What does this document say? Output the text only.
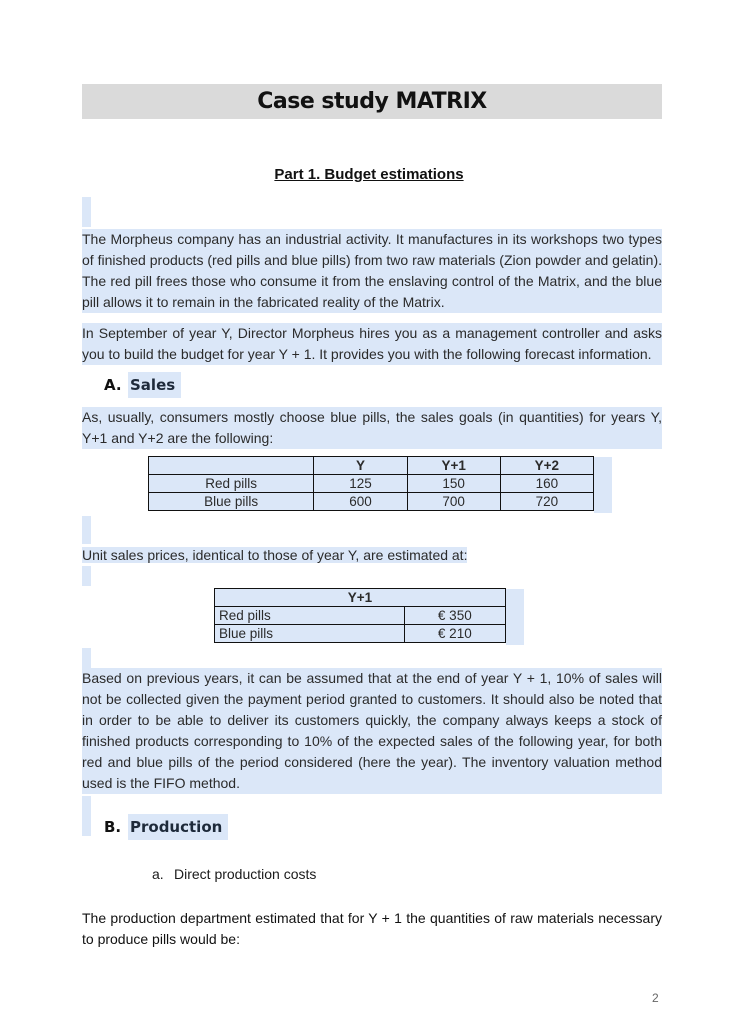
Case study MATRIX
Part 1. Budget estimations
The Morpheus company has an industrial activity. It manufactures in its workshops two types of finished products (red pills and blue pills) from two raw materials (Zion powder and gelatin). The red pill frees those who consume it from the enslaving control of the Matrix, and the blue pill allows it to remain in the fabricated reality of the Matrix.
In September of year Y, Director Morpheus hires you as a management controller and asks you to build the budget for year Y + 1. It provides you with the following forecast information.
A. Sales
As, usually, consumers mostly choose blue pills, the sales goals (in quantities) for years Y, Y+1 and Y+2 are the following:
	Y	Y+1	Y+2
Red pills	125	150	160
Blue pills	600	700	720
Unit sales prices, identical to those of year Y, are estimated at:
Y+1	
Red pills	€ 350
Blue pills	€ 210
Based on previous years, it can be assumed that at the end of year Y + 1, 10% of sales will not be collected given the payment period granted to customers. It should also be noted that in order to be able to deliver its customers quickly, the company always keeps a stock of finished products corresponding to 10% of the expected sales of the following year, for both red and blue pills of the period considered (here the year). The inventory valuation method used is the FIFO method.
B. Production
a. Direct production costs
The production department estimated that for Y + 1 the quantities of raw materials necessary to produce pills would be:
2
